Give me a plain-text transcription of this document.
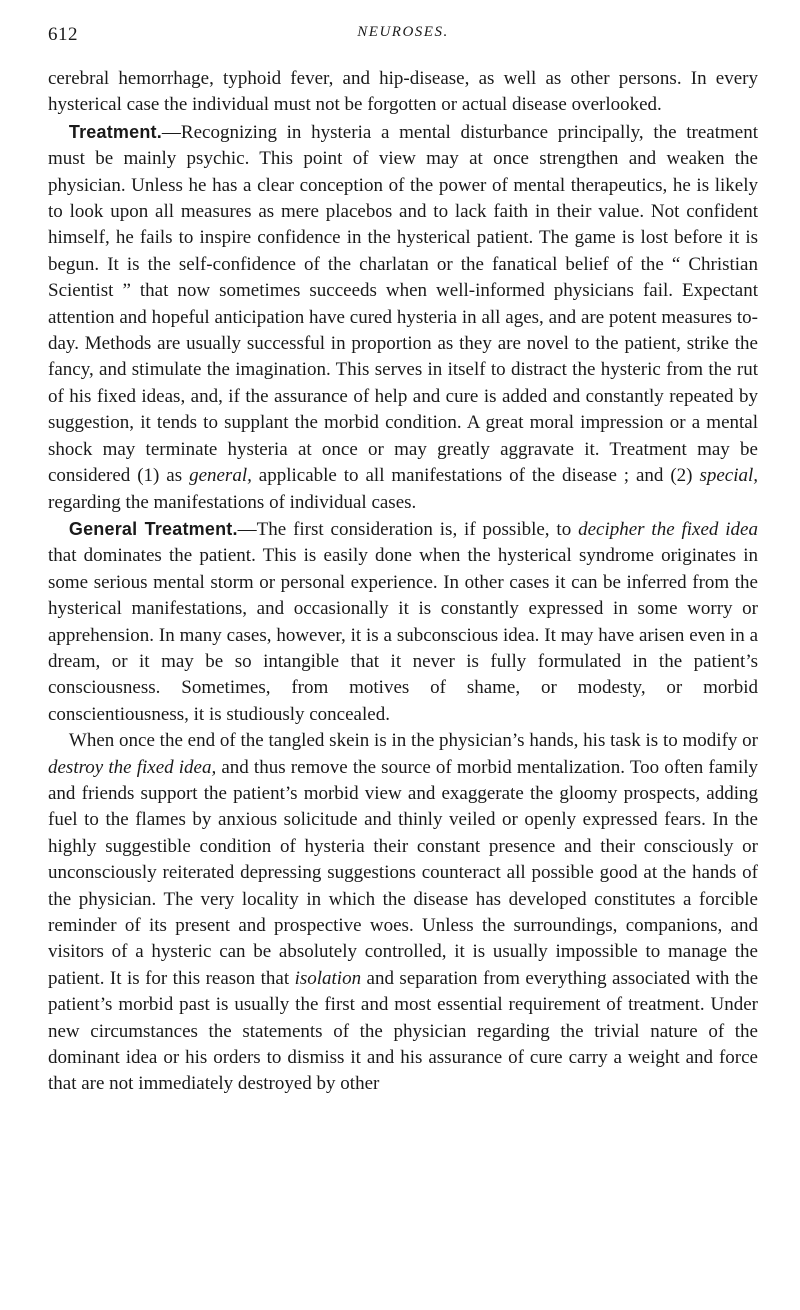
612	NEUROSES.

cerebral hemorrhage, typhoid fever, and hip-disease, as well as other persons. In every hysterical case the individual must not be forgotten or actual disease overlooked.

Treatment.—Recognizing in hysteria a mental disturbance principally, the treatment must be mainly psychic. This point of view may at once strengthen and weaken the physician. Unless he has a clear conception of the power of mental therapeutics, he is likely to look upon all measures as mere placebos and to lack faith in their value. Not confident himself, he fails to inspire confidence in the hysterical patient. The game is lost before it is begun. It is the self-confidence of the charlatan or the fanatical belief of the “ Christian Scientist ” that now sometimes succeeds when well-informed physicians fail. Expectant attention and hopeful anticipation have cured hysteria in all ages, and are potent measures to-day. Methods are usually successful in proportion as they are novel to the patient, strike the fancy, and stimulate the imagination. This serves in itself to distract the hysteric from the rut of his fixed ideas, and, if the assurance of help and cure is added and constantly repeated by suggestion, it tends to supplant the morbid condition. A great moral impression or a mental shock may terminate hysteria at once or may greatly aggravate it. Treatment may be considered (1) as general, applicable to all manifestations of the disease ; and (2) special, regarding the manifestations of individual cases.

General Treatment.—The first consideration is, if possible, to decipher the fixed idea that dominates the patient. This is easily done when the hysterical syndrome originates in some serious mental storm or personal experience. In other cases it can be inferred from the hysterical manifestations, and occasionally it is constantly expressed in some worry or apprehension. In many cases, however, it is a subconscious idea. It may have arisen even in a dream, or it may be so intangible that it never is fully formulated in the patient’s consciousness. Sometimes, from motives of shame, or modesty, or morbid conscientiousness, it is studiously concealed.

When once the end of the tangled skein is in the physician’s hands, his task is to modify or destroy the fixed idea, and thus remove the source of morbid mentalization. Too often family and friends support the patient’s morbid view and exaggerate the gloomy prospects, adding fuel to the flames by anxious solicitude and thinly veiled or openly expressed fears. In the highly suggestible condition of hysteria their constant presence and their consciously or unconsciously reiterated depressing suggestions counteract all possible good at the hands of the physician. The very locality in which the disease has developed constitutes a forcible reminder of its present and prospective woes. Unless the surroundings, companions, and visitors of a hysteric can be absolutely controlled, it is usually impossible to manage the patient. It is for this reason that isolation and separation from everything associated with the patient’s morbid past is usually the first and most essential requirement of treatment. Under new circumstances the statements of the physician regarding the trivial nature of the dominant idea or his orders to dismiss it and his assurance of cure carry a weight and force that are not immediately destroyed by other
